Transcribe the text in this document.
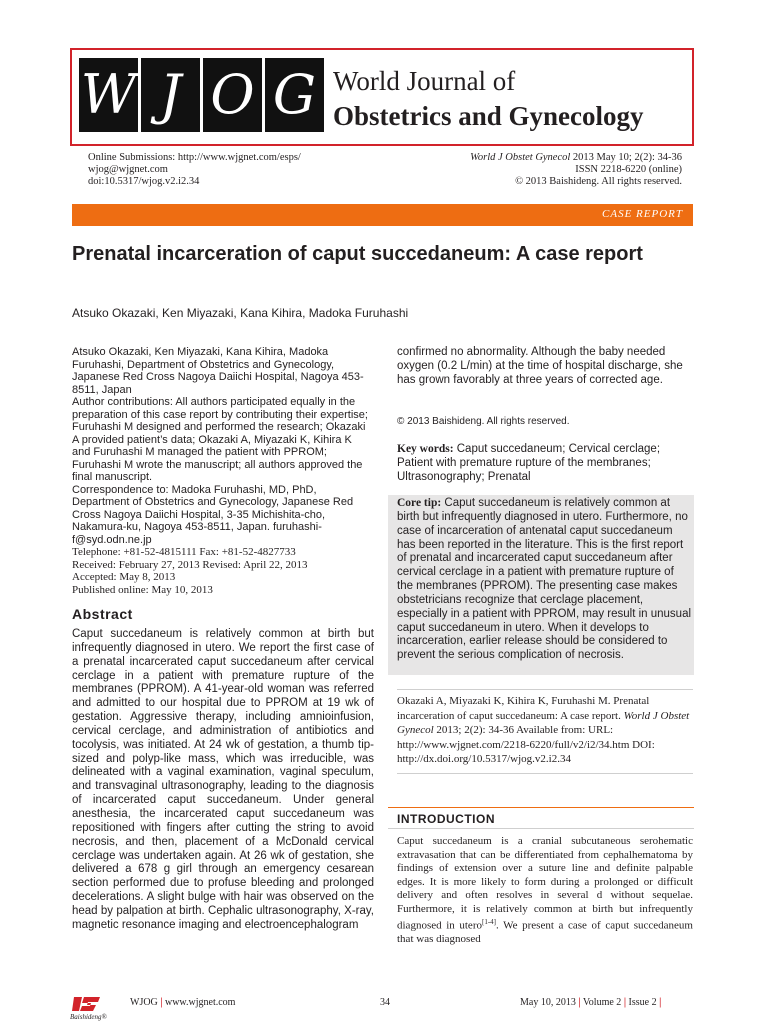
W J O G World Journal of
Obstetrics and Gynecology
Online Submissions: http://www.wjgnet.com/esps/
wjog@wjgnet.com
doi:10.5317/wjog.v2.i2.34
World J Obstet Gynecol 2013 May 10; 2(2): 34-36
ISSN 2218-6220 (online)
© 2013 Baishideng. All rights reserved.
CASE REPORT
Prenatal incarceration of caput succedaneum: A case report
Atsuko Okazaki, Ken Miyazaki, Kana Kihira, Madoka Furuhashi

Atsuko Okazaki, Ken Miyazaki, Kana Kihira, Madoka Furuhashi, Department of Obstetrics and Gynecology, Japanese Red Cross Nagoya Daiichi Hospital, Nagoya 453-8511, Japan

Author contributions: All authors participated equally in the preparation of this case report by contributing their expertise; Furuhashi M designed and performed the research; Okazaki A provided patient’s data; Okazaki A, Miyazaki K, Kihira K and Furuhashi M managed the patient with PPROM; Furuhashi M wrote the manuscript; all authors approved the final manuscript.

Correspondence to: Madoka Furuhashi, MD, PhD, Department of Obstetrics and Gynecology, Japanese Red Cross Nagoya Daiichi Hospital, 3-35 Michishita-cho, Nakamura-ku, Nagoya 453-8511, Japan. furuhashi-f@syd.odn.ne.jp

Telephone: +81-52-4815111 Fax: +81-52-4827733

Received: February 27, 2013 Revised: April 22, 2013

Accepted: May 8, 2013

Published online: May 10, 2013

Abstract
Caput succedaneum is relatively common at birth but infrequently diagnosed in utero. We report the first case of a prenatal incarcerated caput succedaneum after cervical cerclage in a patient with premature rupture of the membranes (PPROM). A 41-year-old woman was referred and admitted to our hospital due to PPROM at 19 wk of gestation. Aggressive therapy, including amnioinfusion, cervical cerclage, and administration of antibiotics and tocolysis, was initiated. At 24 wk of gestation, a thumb tip-sized and polyp-like mass, which was irreducible, was delineated with a vaginal examination, vaginal speculum, and transvaginal ultrasonography, leading to the diagnosis of incarcerated caput succedaneum. Under general anesthesia, the incarcerated caput succedaneum was repositioned with fingers after cutting the string to avoid necrosis, and then, placement of a McDonald cervical cerclage was undertaken again. At 26 wk of gestation, she delivered a 678 g girl through an emergency cesarean section performed due to profuse bleeding and prolonged decelerations. A slight bulge with hair was observed on the head by palpation at birth. Cephalic ultrasonography, X-ray, magnetic resonance imaging and electroencephalogram
confirmed no abnormality. Although the baby needed oxygen (0.2 L/min) at the time of hospital discharge, she has grown favorably at three years of corrected age.
© 2013 Baishideng. All rights reserved.
Key words: Caput succedaneum; Cervical cerclage; Patient with premature rupture of the membranes; Ultrasonography; Prenatal
Core tip: Caput succedaneum is relatively common at birth but infrequently diagnosed in utero. Furthermore, no case of incarceration of antenatal caput succedaneum has been reported in the literature. This is the first report of prenatal and incarcerated caput succedaneum after cervical cerclage in a patient with premature rupture of the membranes (PPROM). The presenting case makes obstetricians recognize that cerclage placement, especially in a patient with PPROM, may result in unusual caput succedaneum in utero. When it develops to incarceration, earlier release should be considered to prevent the serious complication of necrosis.
Okazaki A, Miyazaki K, Kihira K, Furuhashi M. Prenatal incarceration of caput succedaneum: A case report. World J Obstet Gynecol 2013; 2(2): 34-36 Available from: URL: http://www.wjgnet.com/2218-6220/full/v2/i2/34.htm DOI: http://dx.doi.org/10.5317/wjog.v2.i2.34
INTRODUCTION
Caput succedaneum is a cranial subcutaneous serohematic extravasation that can be differentiated from cephalhematoma by findings of extension over a suture line and definite palpable edges. It is more likely to form during a prolonged or difficult delivery and often resolves in several d without sequelae. Furthermore, it is relatively common at birth but infrequently diagnosed in utero[1-4]. We present a case of caput succedaneum that was diagnosed
Baishideng®
WJOG | www.wjgnet.com	34	May 10, 2013 | Volume 2 | Issue 2 |
